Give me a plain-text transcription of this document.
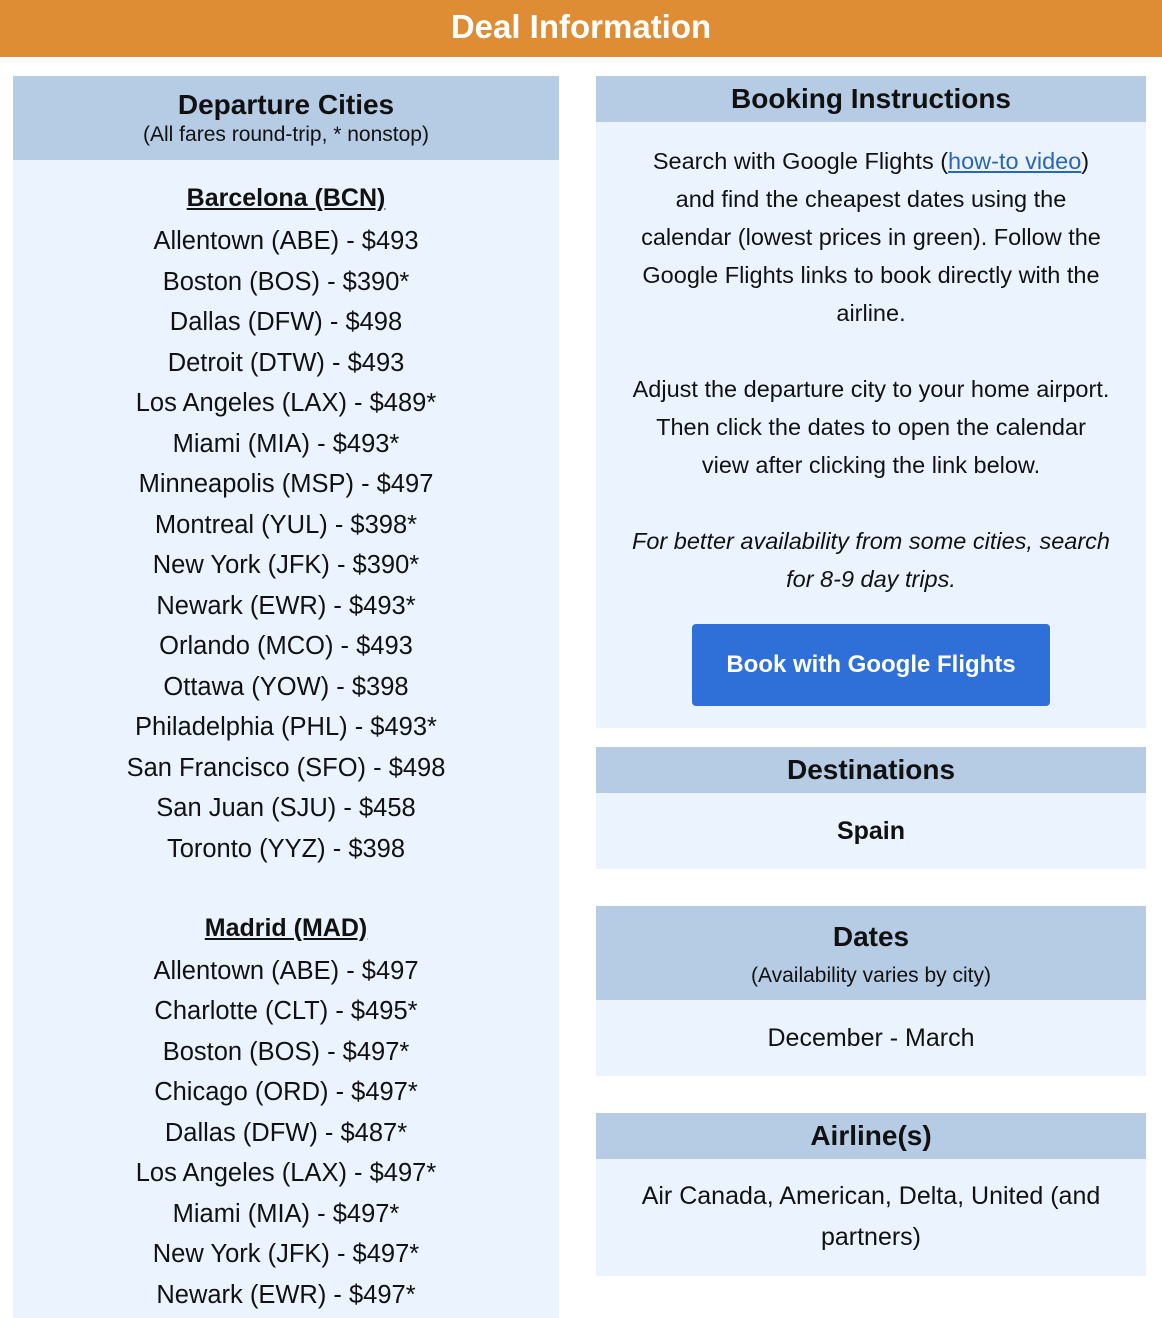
Deal Information
Departure Cities
(All fares round-trip, * nonstop)
Barcelona (BCN)
Allentown (ABE) - $493
Boston (BOS) - $390*
Dallas (DFW) - $498
Detroit (DTW) - $493
Los Angeles (LAX) - $489*
Miami (MIA) - $493*
Minneapolis (MSP) - $497
Montreal (YUL) - $398*
New York (JFK) - $390*
Newark (EWR) - $493*
Orlando (MCO) - $493
Ottawa (YOW) - $398
Philadelphia (PHL) - $493*
San Francisco (SFO) - $498
San Juan (SJU) - $458
Toronto (YYZ) - $398
Madrid (MAD)
Allentown (ABE) - $497
Charlotte (CLT) - $495*
Boston (BOS) - $497*
Chicago (ORD) - $497*
Dallas (DFW) - $487*
Los Angeles (LAX) - $497*
Miami (MIA) - $497*
New York (JFK) - $497*
Newark (EWR) - $497*
Booking Instructions

Search with Google Flights (how-to video) and find the cheapest dates using the calendar (lowest prices in green). Follow the Google Flights links to book directly with the airline.

Adjust the departure city to your home airport. Then click the dates to open the calendar view after clicking the link below.

For better availability from some cities, search for 8-9 day trips.

Book with Google Flights
Destinations
Spain
Dates
(Availability varies by city)
December - March
Airline(s)
Air Canada, American, Delta, United (and partners)
